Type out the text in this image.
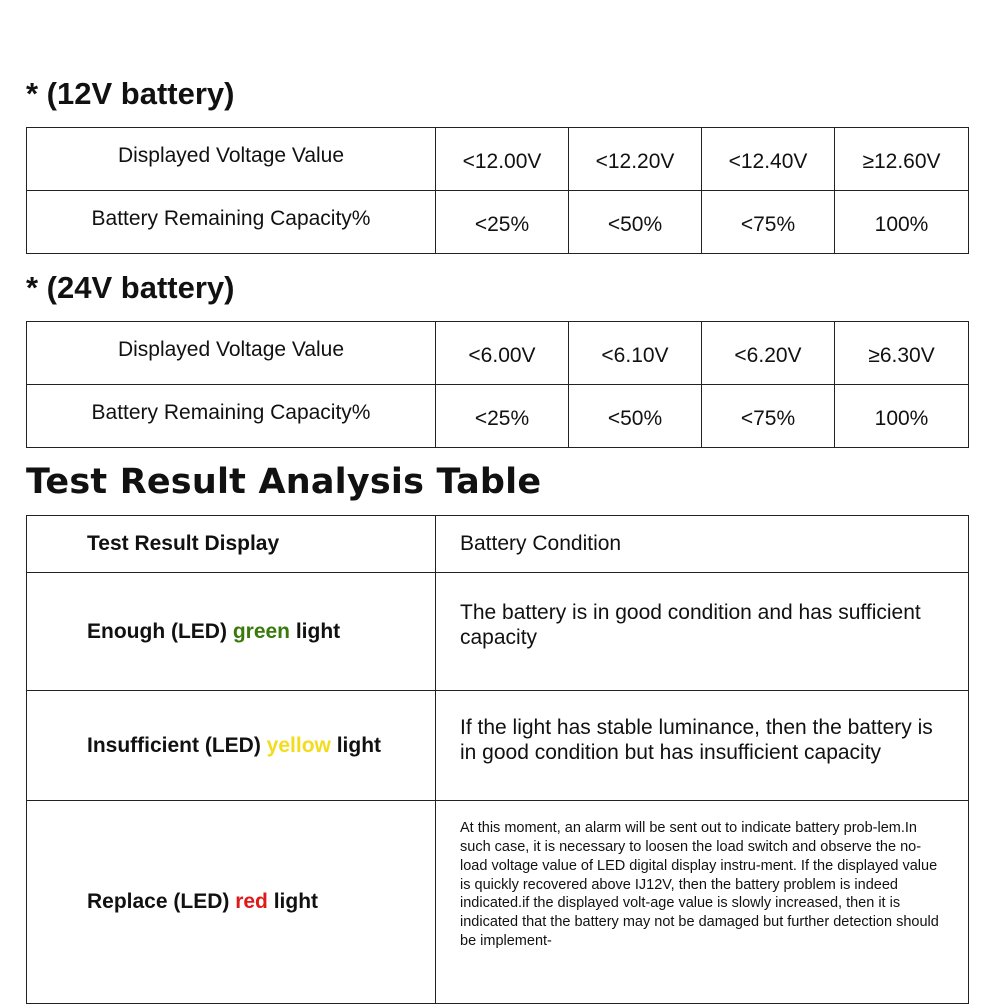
* (12V battery)
Displayed Voltage Value	<12.00V	<12.20V	<12.40V	≥12.60V
Battery Remaining Capacity%	<25%	<50%	<75%	100%
* (24V battery)
Displayed Voltage Value	<6.00V	<6.10V	<6.20V	≥6.30V
Battery Remaining Capacity%	<25%	<50%	<75%	100%
Test Result Analysis Table
Test Result Display	Battery Condition
Enough (LED) green light	The battery is in good condition and has sufficient capacity
Insufficient (LED) yellow light	If the light has stable luminance, then the battery is in good condition but has insufficient capacity
Replace (LED) red light	At this moment, an alarm will be sent out to indicate battery prob-lem.In such case, it is necessary to loosen the load switch and observe the no-load voltage value of LED digital display instru-ment. If the displayed value is quickly recovered above IJ12V, then the battery problem is indeed indicated.if the displayed volt-age value is slowly increased, then it is indicated that the battery may not be damaged but further detection should be implement-
